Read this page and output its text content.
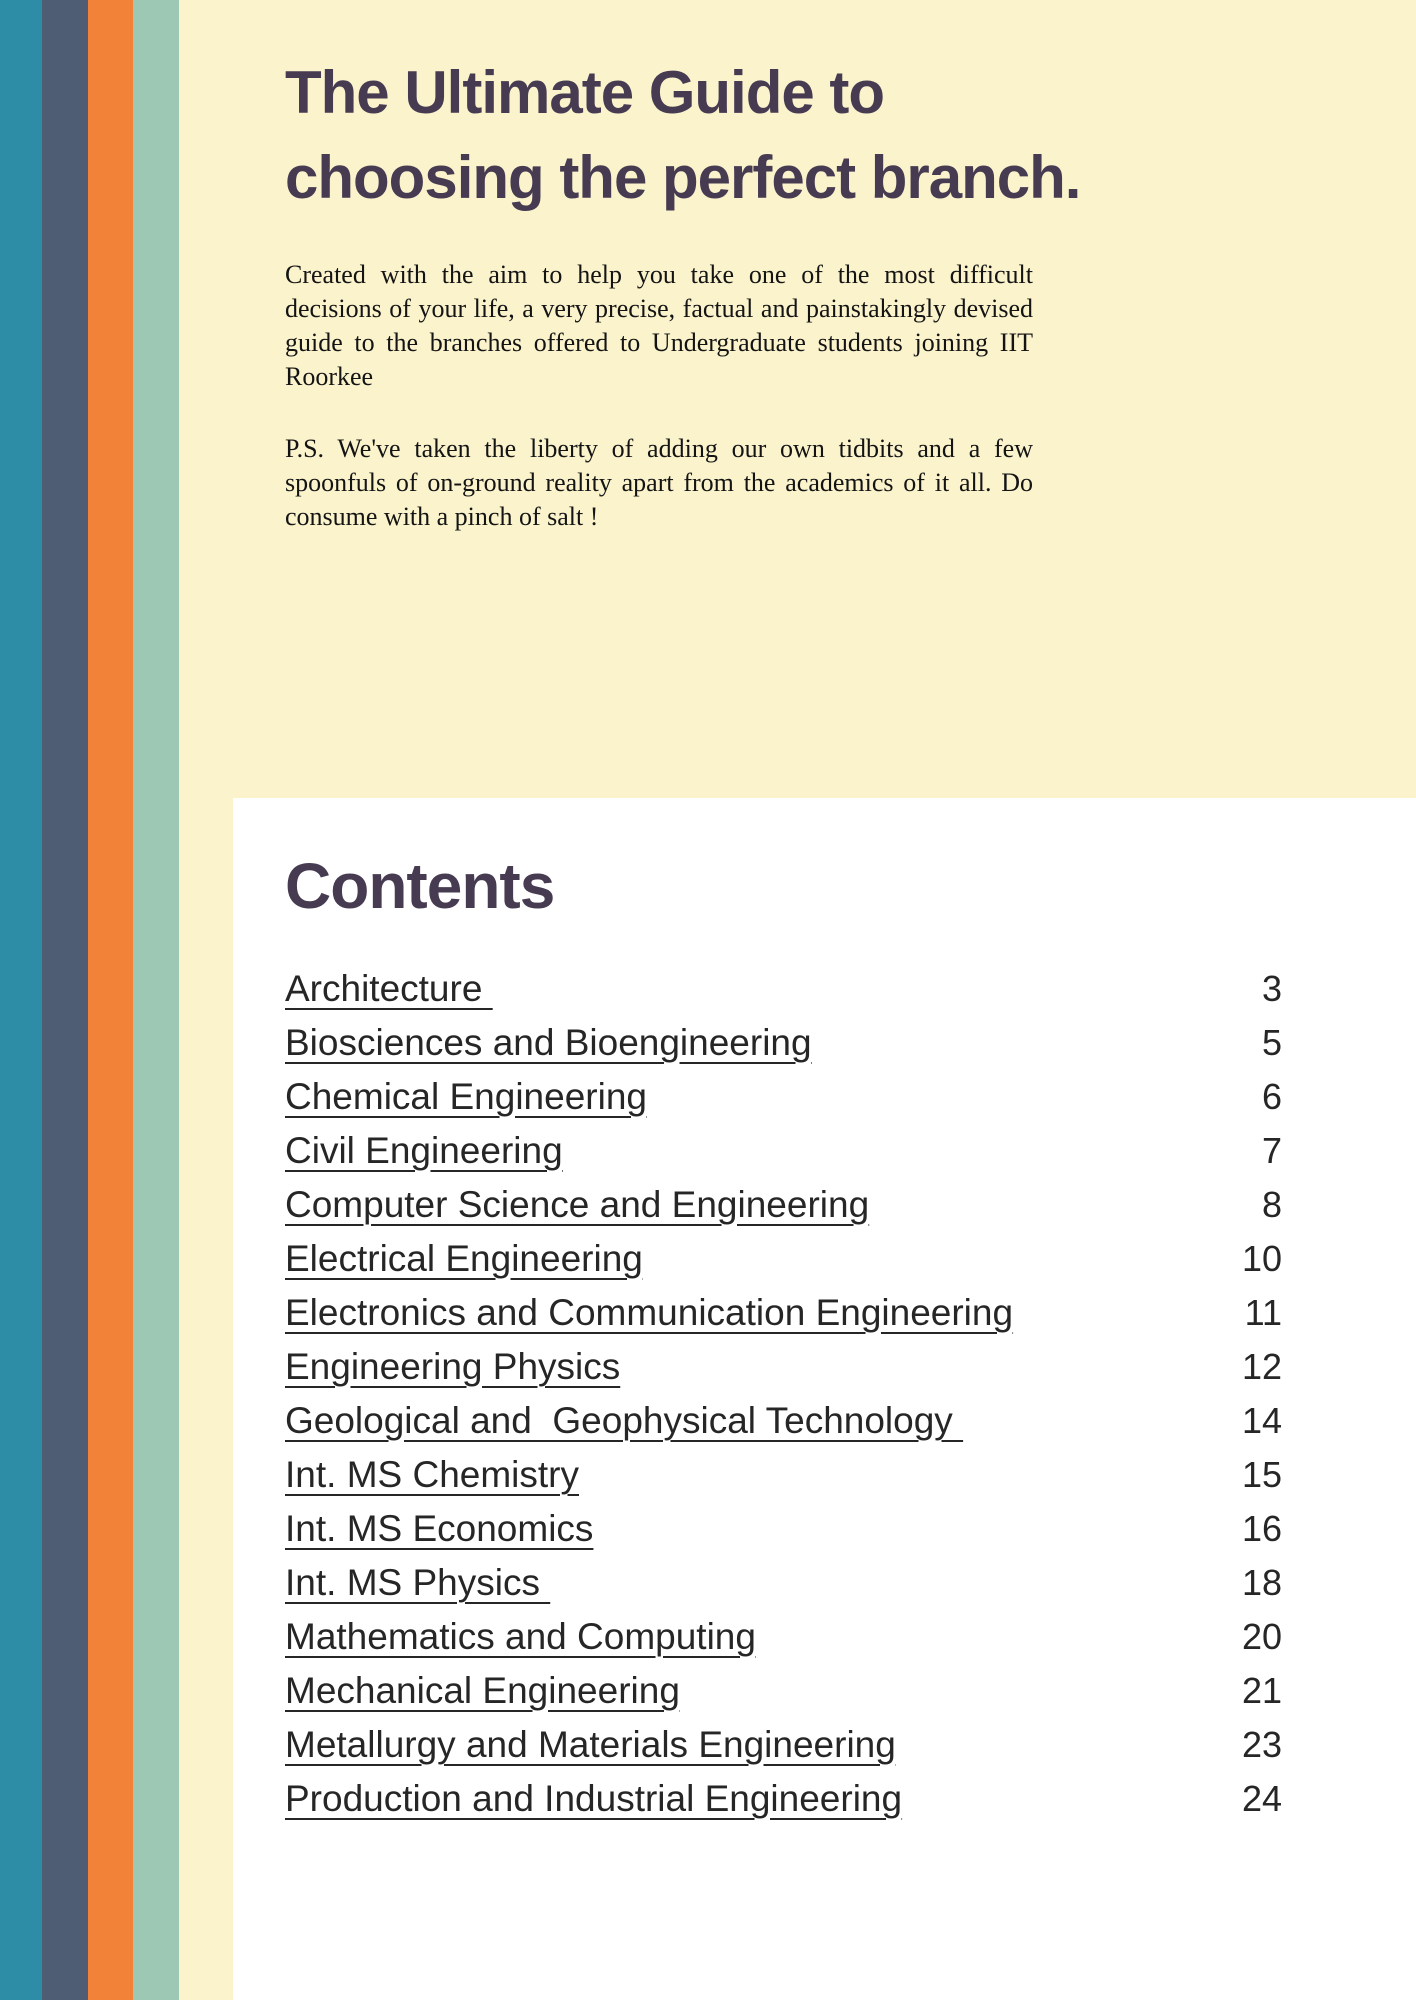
The Ultimate Guide to
choosing the perfect branch.

Created with the aim to help you take one of the most difficult decisions of your life, a very precise, factual and painstakingly devised guide to the branches offered to Undergraduate students joining IIT Roorkee

P.S. We've taken the liberty of adding our own tidbits and a few spoonfuls of on-ground reality apart from the academics of it all. Do consume with a pinch of salt !

Contents
Architecture	3
Biosciences and Bioengineering	5
Chemical Engineering	6
Civil Engineering	7
Computer Science and Engineering	8
Electrical Engineering	10
Electronics and Communication Engineering	11
Engineering Physics	12
Geological and  Geophysical Technology	14
Int. MS Chemistry	15
Int. MS Economics	16
Int. MS Physics	18
Mathematics and Computing	20
Mechanical Engineering	21
Metallurgy and Materials Engineering	23
Production and Industrial Engineering	24
